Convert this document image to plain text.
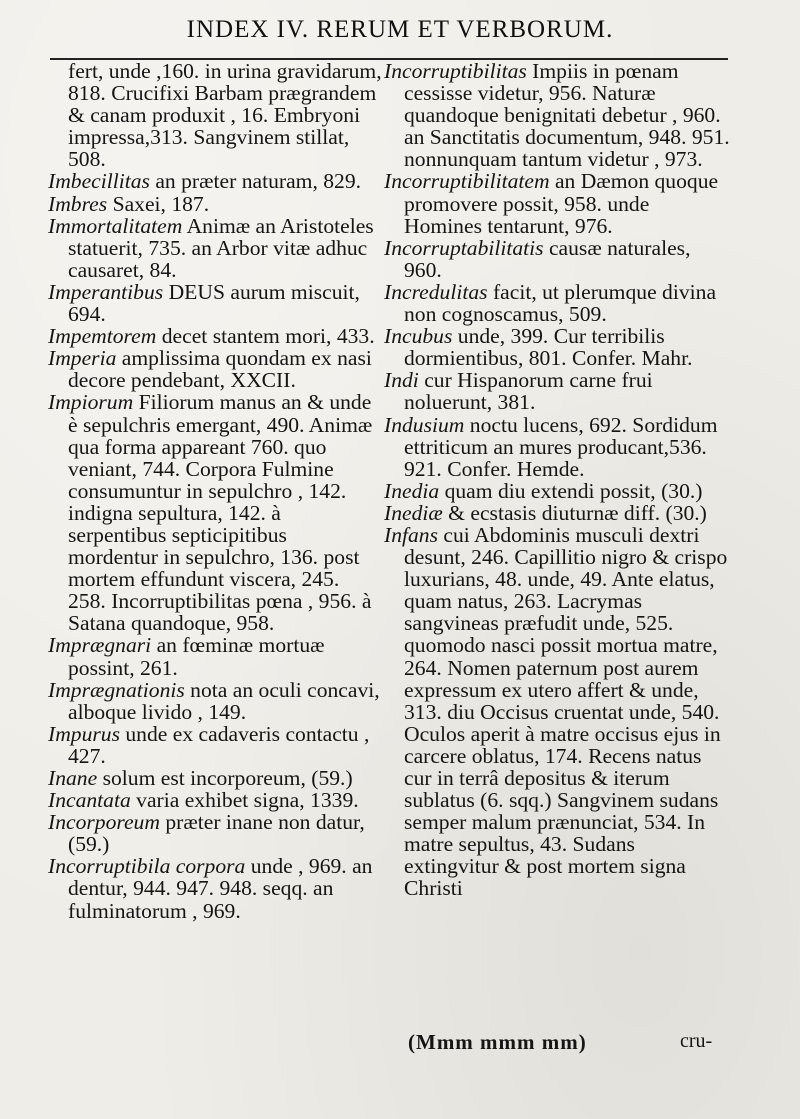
INDEX IV. RERUM ET VERBORUM.
fert, unde ,160. in urina gravidarum, 818. Crucifixi Barbam prægrandem & canam produxit , 16. Embryoni impressa,313. Sangvinem stillat, 508.
Imbecillitas an præter naturam, 829.
Imbres Saxei, 187.
Immortalitatem Animæ an Aristoteles statuerit, 735. an Arbor vitæ adhuc causaret, 84.
Imperantibus DEUS aurum miscuit, 694.
Impemtorem decet stantem mori, 433.
Imperia amplissima quondam ex nasi decore pendebant, XXCII.
Impiorum Filiorum manus an & unde è sepulchris emergant, 490. Animæ qua forma appareant 760. quo veniant, 744. Corpora Fulmine consumuntur in sepulchro , 142. indigna sepultura, 142. à serpentibus septicipitibus mordentur in sepulchro, 136. post mortem effundunt viscera, 245. 258. Incorruptibilitas pœna , 956. à Satana quandoque, 958.
Imprægnari an fœminæ mortuæ possint, 261.
Imprægnationis nota an oculi concavi, alboque livido , 149.
Impurus unde ex cadaveris contactu , 427.
Inane solum est incorporeum, (59.)
Incantata varia exhibet signa, 1339.
Incorporeum præter inane non datur, (59.)
Incorruptibila corpora unde , 969. an dentur, 944. 947. 948. seqq. an fulminatorum , 969.
Incorruptibilitas Impiis in pœnam cessisse videtur, 956. Naturæ quandoque benignitati debetur , 960. an Sanctitatis documentum, 948. 951. nonnunquam tantum videtur , 973.
Incorruptibilitatem an Dæmon quoque promovere possit, 958. unde Homines tentarunt, 976.
Incorruptabilitatis causæ naturales, 960.
Incredulitas facit, ut plerumque divina non cognoscamus, 509.
Incubus unde, 399. Cur terribilis dormientibus, 801. Confer. Mahr.
Indi cur Hispanorum carne frui noluerunt, 381.
Indusium noctu lucens, 692. Sordidum ettriticum an mures producant,536. 921. Confer. Hemde.
Inedia quam diu extendi possit, (30.)
Inediæ & ecstasis diuturnæ diff. (30.)
Infans cui Abdominis musculi dextri desunt, 246. Capillitio nigro & crispo luxurians, 48. unde, 49. Ante elatus, quam natus, 263. Lacrymas sangvineas præfudit unde, 525. quomodo nasci possit mortua matre, 264. Nomen paternum post aurem expressum ex utero affert & unde, 313. diu Occisus cruentat unde, 540. Oculos aperit à matre occisus ejus in carcere oblatus, 174. Recens natus cur in terrâ depositus & iterum sublatus (6. sqq.) Sangvinem sudans semper malum prænunciat, 534. In matre sepultus, 43. Sudans extingvitur & post mortem signa Christi
(Mmm mmm mm)	cru-
